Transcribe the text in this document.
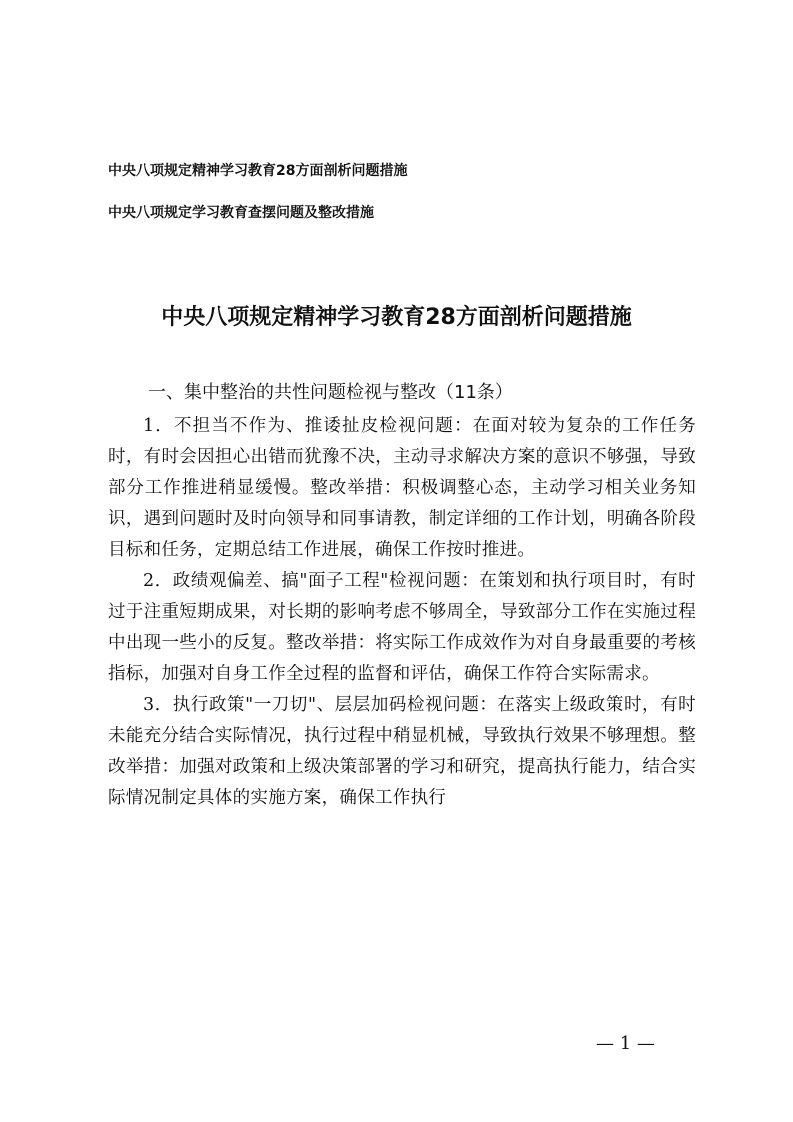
中央八项规定精神学习教育28方面剖析问题措施
中央八项规定学习教育查摆问题及整改措施
中央八项规定精神学习教育28方面剖析问题措施
一、集中整治的共性问题检视与整改（11条）

1．不担当不作为、推诿扯皮检视问题：在面对较为复杂的工作任务时，有时会因担心出错而犹豫不决，主动寻求解决方案的意识不够强，导致部分工作推进稍显缓慢。整改举措：积极调整心态，主动学习相关业务知识，遇到问题时及时向领导和同事请教，制定详细的工作计划，明确各阶段目标和任务，定期总结工作进展，确保工作按时推进。

2．政绩观偏差、搞"面子工程"检视问题：在策划和执行项目时，有时过于注重短期成果，对长期的影响考虑不够周全，导致部分工作在实施过程中出现一些小的反复。整改举措：将实际工作成效作为对自身最重要的考核指标，加强对自身工作全过程的监督和评估，确保工作符合实际需求。

3．执行政策"一刀切"、层层加码检视问题：在落实上级政策时，有时未能充分结合实际情况，执行过程中稍显机械，导致执行效果不够理想。整改举措：加强对政策和上级决策部署的学习和研究，提高执行能力，结合实际情况制定具体的实施方案，确保工作执行

— 1 —
